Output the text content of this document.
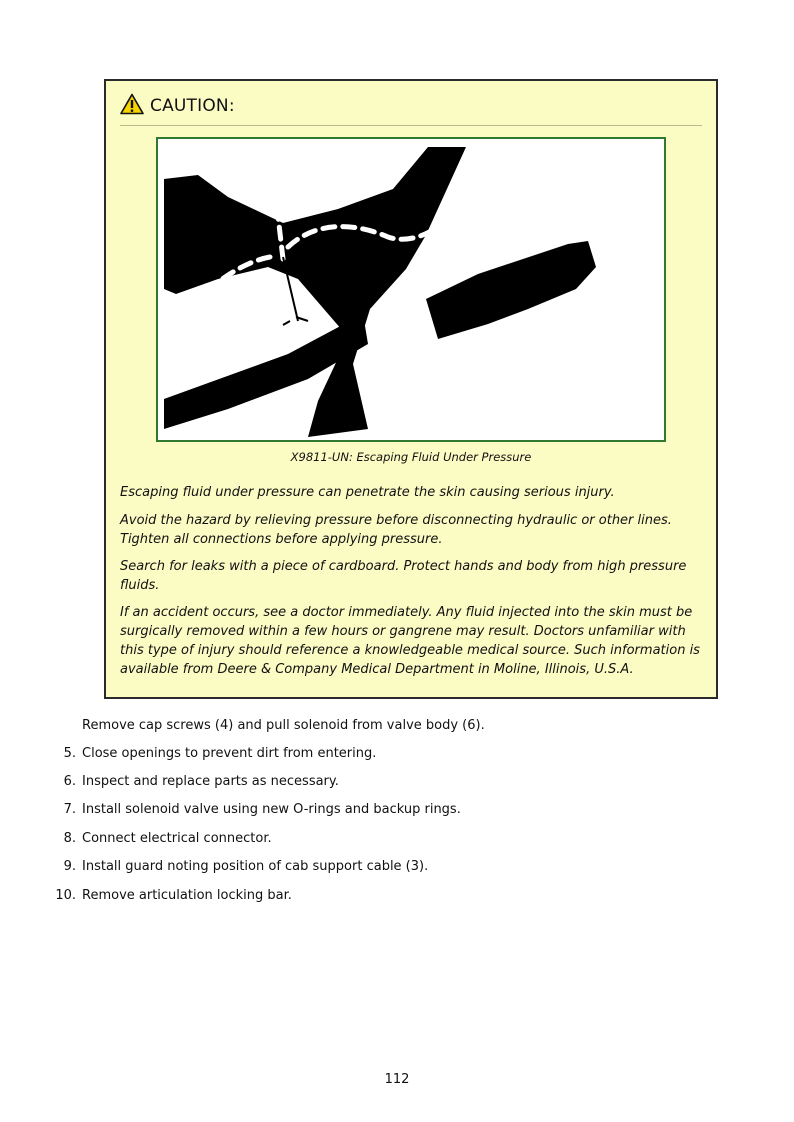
CAUTION:
X9811-UN: Escaping Fluid Under Pressure

Escaping fluid under pressure can penetrate the skin causing serious injury.

Avoid the hazard by relieving pressure before disconnecting hydraulic or other lines. Tighten all connections before applying pressure.

Search for leaks with a piece of cardboard. Protect hands and body from high pressure fluids.

If an accident occurs, see a doctor immediately. Any fluid injected into the skin must be surgically removed within a few hours or gangrene may result. Doctors unfamiliar with this type of injury should reference a knowledgeable medical source. Such information is available from Deere & Company Medical Department in Moline, Illinois, U.S.A.

Remove cap screws (4) and pull solenoid from valve body (6).
5. Close openings to prevent dirt from entering.
6. Inspect and replace parts as necessary.
7. Install solenoid valve using new O-rings and backup rings.
8. Connect electrical connector.
9. Install guard noting position of cab support cable (3).
10. Remove articulation locking bar.
112
